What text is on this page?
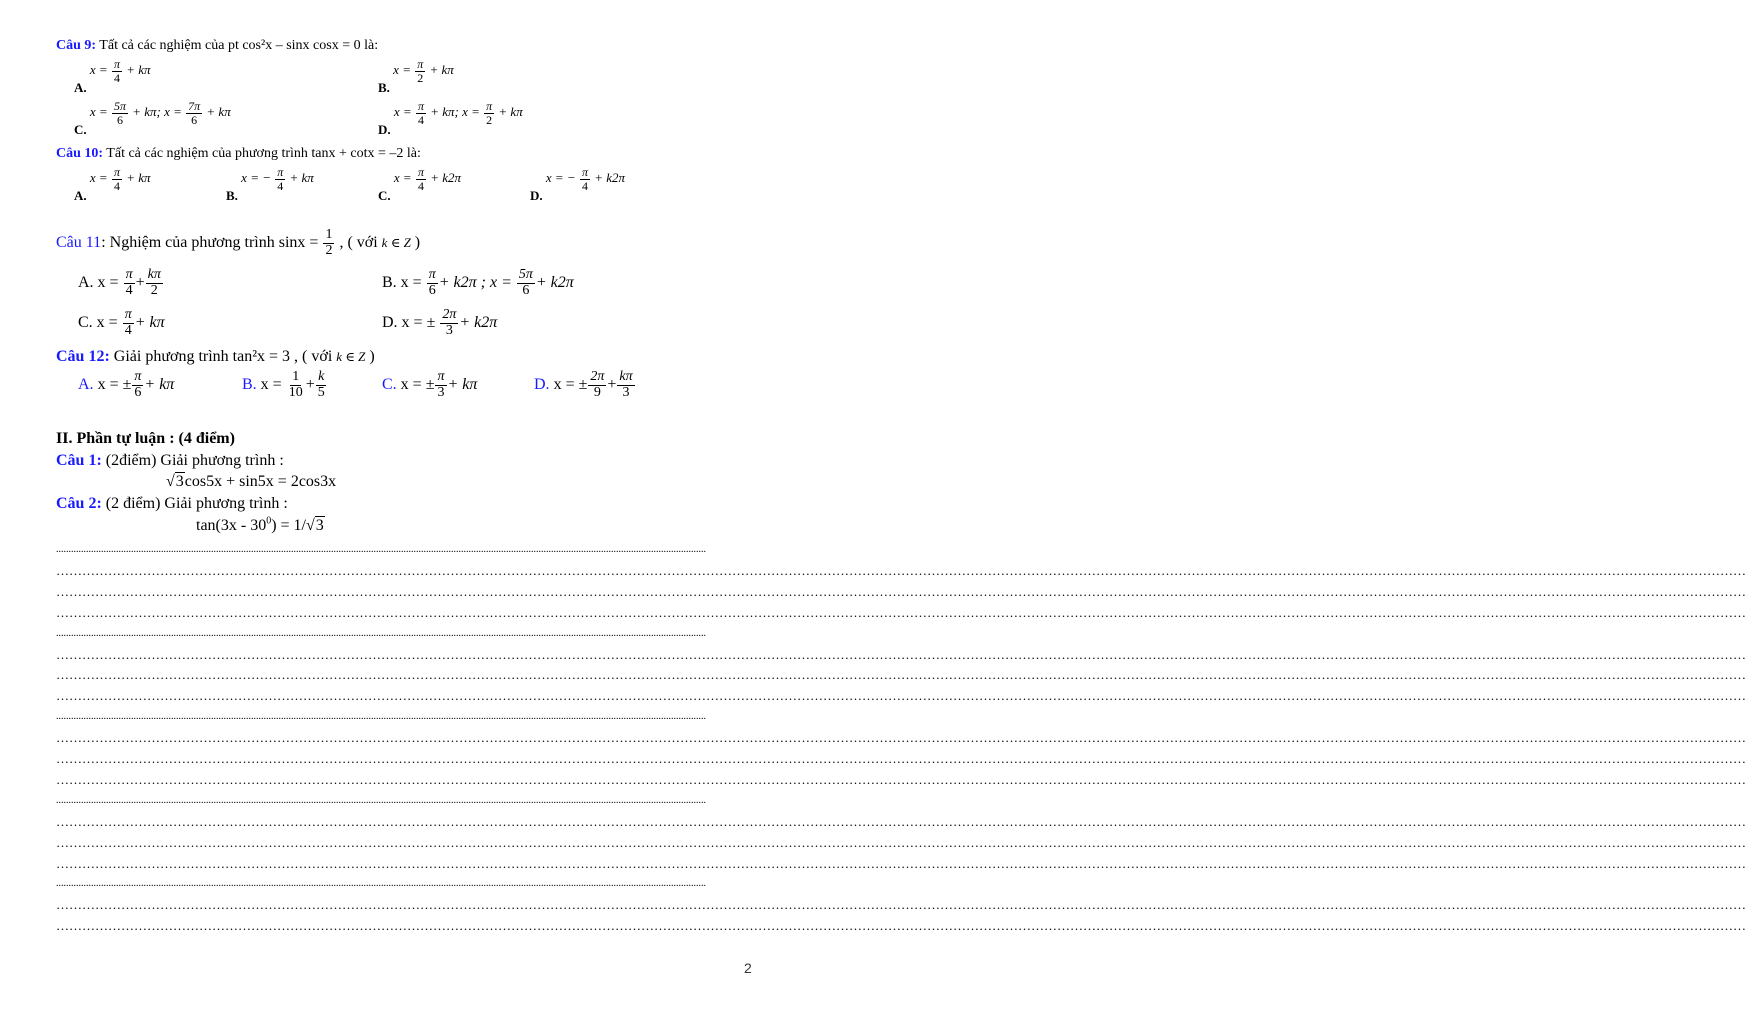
Câu 9: Tất cả các nghiệm của pt cos²x – sinx cosx = 0 là:
A. $x = \frac{\pi}{4} + k\pi$
B. $x = \frac{\pi}{2} + k\pi$
C. $x = \frac{5\pi}{6} + k\pi$; $x = \frac{7\pi}{6} + k\pi$
D. $x = \frac{\pi}{4} + k\pi$; $x = \frac{\pi}{2} + k\pi$
Câu 10: Tất cả các nghiệm của phương trình tanx + cotx = –2 là:
A. $x = \frac{\pi}{4} + k\pi$
B. x = − $\frac{\pi}{4} + k\pi$
C. $x = \frac{\pi}{4} + k2\pi$
D. x = − $\frac{\pi}{4} + k2\pi$
Câu 11: Nghiệm của phương trình $\sin x = \frac{1}{2}$ , ( với k ∈ Z )
A. $x = \frac{\pi}{4} + \frac{k\pi}{2}$	B. $x = \frac{\pi}{6} + k2\pi$ ; $x = \frac{5\pi}{6} + k2\pi$
C. $x = \frac{\pi}{4} + k\pi$	D. x = ± $\frac{2\pi}{3} + k2\pi$
Câu 12: Giải phương trình tan²x = 3 , ( với k ∈ Z )
A. x = ± $\frac{\pi}{6} + k\pi$	B. $x = \frac{1}{10} + \frac{k}{5}$	C. x = ± $\frac{\pi}{3} + k\pi$	D. x = ± $\frac{2\pi}{9} + \frac{k\pi}{3}$
II. Phần tự luận : (4 điểm)
Câu 1: (2điểm) Giải phương trình :
√3cos5x + sin5x = 2cos3x
Câu 2: (2 điểm) Giải phương trình :
$\tan(3x - 30^0) = 1/√3$
....................................................................................................................................................................................................................................................................
…………………………………………………………………………………………………………………………………………………………………………………………………………………………………………………………………………………………………………………………………………………………
…………………………………………………………………………………………………………………………………………………………………………………………………………………………………………………………………………………………………………………………………………………………
…………………………………………………………………………………………………………………………………………………………………………………………………………………………………………………………………………………………………………………………………………………………
....................................................................................................................................................................................................................................................................
…………………………………………………………………………………………………………………………………………………………………………………………………………………………………………………………………………………………………………………………………………………………
…………………………………………………………………………………………………………………………………………………………………………………………………………………………………………………………………………………………………………………………………………………………
…………………………………………………………………………………………………………………………………………………………………………………………………………………………………………………………………………………………………………………………………………………………
....................................................................................................................................................................................................................................................................
…………………………………………………………………………………………………………………………………………………………………………………………………………………………………………………………………………………………………………………………………………………………
…………………………………………………………………………………………………………………………………………………………………………………………………………………………………………………………………………………………………………………………………………………………
…………………………………………………………………………………………………………………………………………………………………………………………………………………………………………………………………………………………………………………………………………………………
....................................................................................................................................................................................................................................................................
…………………………………………………………………………………………………………………………………………………………………………………………………………………………………………………………………………………………………………………………………………………………
…………………………………………………………………………………………………………………………………………………………………………………………………………………………………………………………………………………………………………………………………………………………
…………………………………………………………………………………………………………………………………………………………………………………………………………………………………………………………………………………………………………………………………………………………
....................................................................................................................................................................................................................................................................
…………………………………………………………………………………………………………………………………………………………………………………………………………………………………………………………………………………………………………………………………………………………
…………………………………………………………………………………………………………………………………………………………………………………………………………………………………………………………………………………………………………………………………………………………
2
